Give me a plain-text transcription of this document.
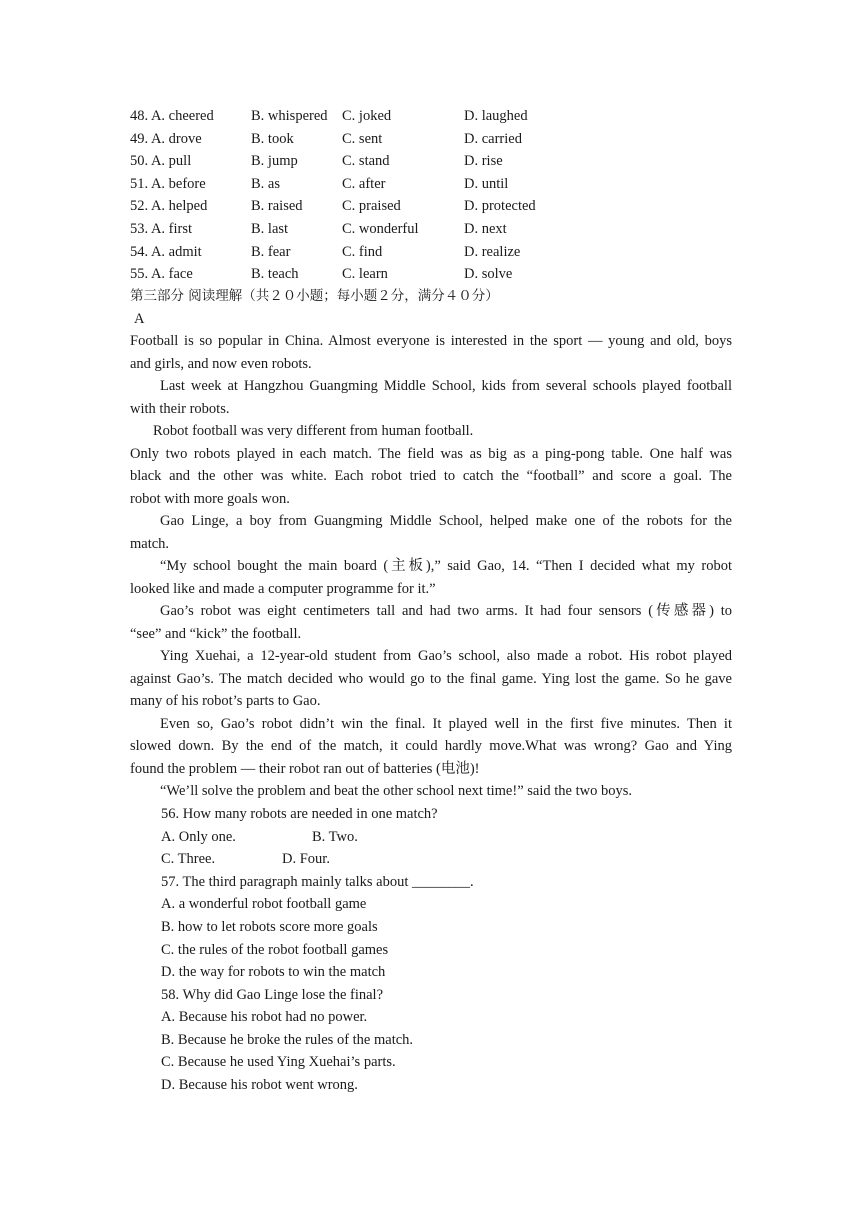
48. A. cheered	B. whispered C. joked	D. laughed
49. A. drove	B. took	C. sent	D. carried
50. A. pull	B. jump	C. stand	D. rise
51. A. before	B. as	C. after	D. until
52. A. helped	B. raised	C. praised	D. protected
53. A. first	B. last	C. wonderful	D. next
54. A. admit	B. fear	C. find	D. realize
55. A. face	B. teach	C. learn	D. solve
第三部分 阅读理解（共２０小题；每小题２分，满分４０分）
A
Football is so popular in China. Almost everyone is interested in the sport — young and old, boys
and girls, and now even robots.
Last week at Hangzhou Guangming Middle School, kids from several schools played football
with their robots.
Robot football was very different from human football.
Only two robots played in each match. The field was as big as a ping-pong table. One half was
black and the other was white. Each robot tried to catch the “football” and score a goal. The
robot with more goals won.
Gao Linge, a boy from Guangming Middle School, helped make one of the robots for the
match.
“My school bought the main board (主板),” said Gao, 14. “Then I decided what my robot
looked like and made a computer programme for it.”
Gao’s robot was eight centimeters tall and had two arms. It had four sensors (传感器) to
“see” and “kick” the football.
Ying Xuehai, a 12-year-old student from Gao’s school, also made a robot. His robot played
against Gao’s. The match decided who would go to the final game. Ying lost the game. So he gave
many of his robot’s parts to Gao.
Even so, Gao’s robot didn’t win the final. It played well in the first five minutes. Then it
slowed down. By the end of the match, it could hardly move.What was wrong? Gao and Ying
found the problem — their robot ran out of batteries (电池)!
“We’ll solve the problem and beat the other school next time!” said the two boys.
56. How many robots are needed in one match?
A. Only one.	B. Two.
C. Three.	D. Four.
57. The third paragraph mainly talks about ________.
A. a wonderful robot football game
B. how to let robots score more goals
C. the rules of the robot football games
D. the way for robots to win the match
58. Why did Gao Linge lose the final?
A. Because his robot had no power.
B. Because he broke the rules of the match.
C. Because he used Ying Xuehai’s parts.
D. Because his robot went wrong.
